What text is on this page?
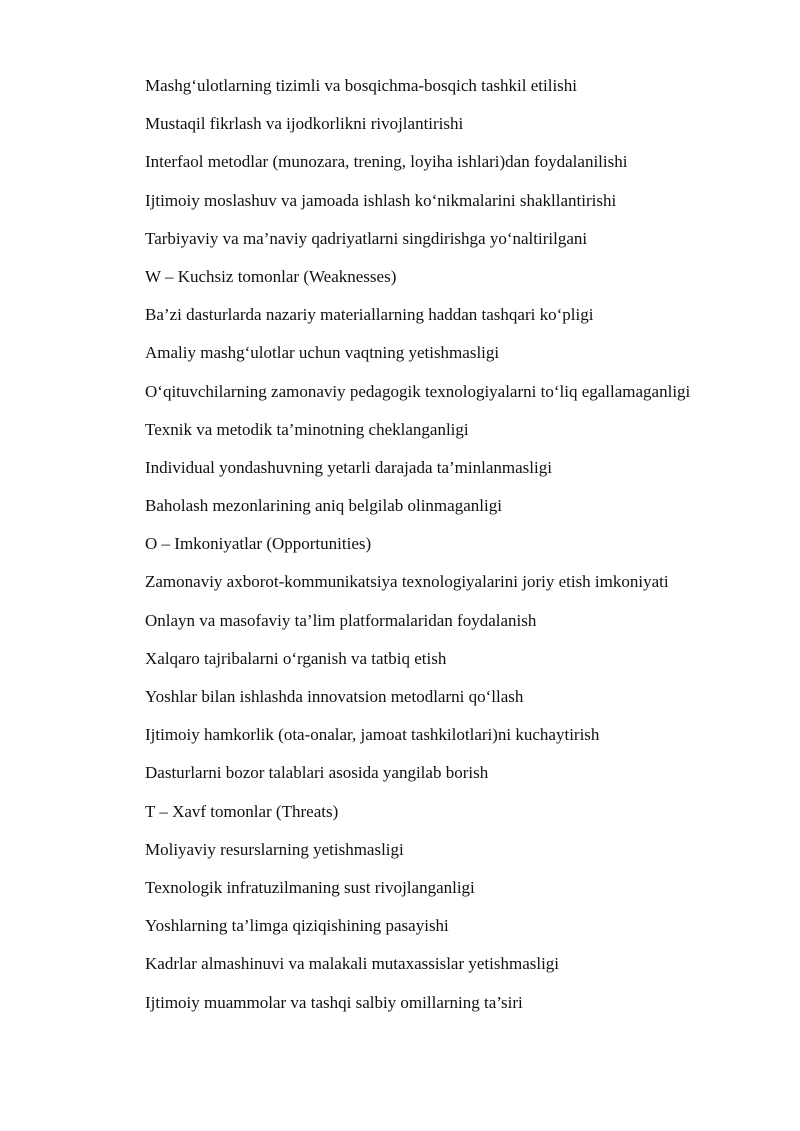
Mashg‘ulotlarning tizimli va bosqichma-bosqich tashkil etilishi

Mustaqil fikrlash va ijodkorlikni rivojlantirishi

Interfaol metodlar (munozara, trening, loyiha ishlari)dan foydalanilishi

Ijtimoiy moslashuv va jamoada ishlash ko‘nikmalarini shakllantirishi

Tarbiyaviy va ma’naviy qadriyatlarni singdirishga yo‘naltirilgani

W – Kuchsiz tomonlar (Weaknesses)

Ba’zi dasturlarda nazariy materiallarning haddan tashqari ko‘pligi

Amaliy mashg‘ulotlar uchun vaqtning yetishmasligi

O‘qituvchilarning zamonaviy pedagogik texnologiyalarni to‘liq egallamaganligi

Texnik va metodik ta’minotning cheklanganligi

Individual yondashuvning yetarli darajada ta’minlanmasligi

Baholash mezonlarining aniq belgilab olinmaganligi

O – Imkoniyatlar (Opportunities)

Zamonaviy axborot-kommunikatsiya texnologiyalarini joriy etish imkoniyati

Onlayn va masofaviy ta’lim platformalaridan foydalanish

Xalqaro tajribalarni o‘rganish va tatbiq etish

Yoshlar bilan ishlashda innovatsion metodlarni qo‘llash

Ijtimoiy hamkorlik (ota-onalar, jamoat tashkilotlari)ni kuchaytirish

Dasturlarni bozor talablari asosida yangilab borish

T – Xavf tomonlar (Threats)

Moliyaviy resurslarning yetishmasligi

Texnologik infratuzilmaning sust rivojlanganligi

Yoshlarning ta’limga qiziqishining pasayishi

Kadrlar almashinuvi va malakali mutaxassislar yetishmasligi

Ijtimoiy muammolar va tashqi salbiy omillarning ta’siri
